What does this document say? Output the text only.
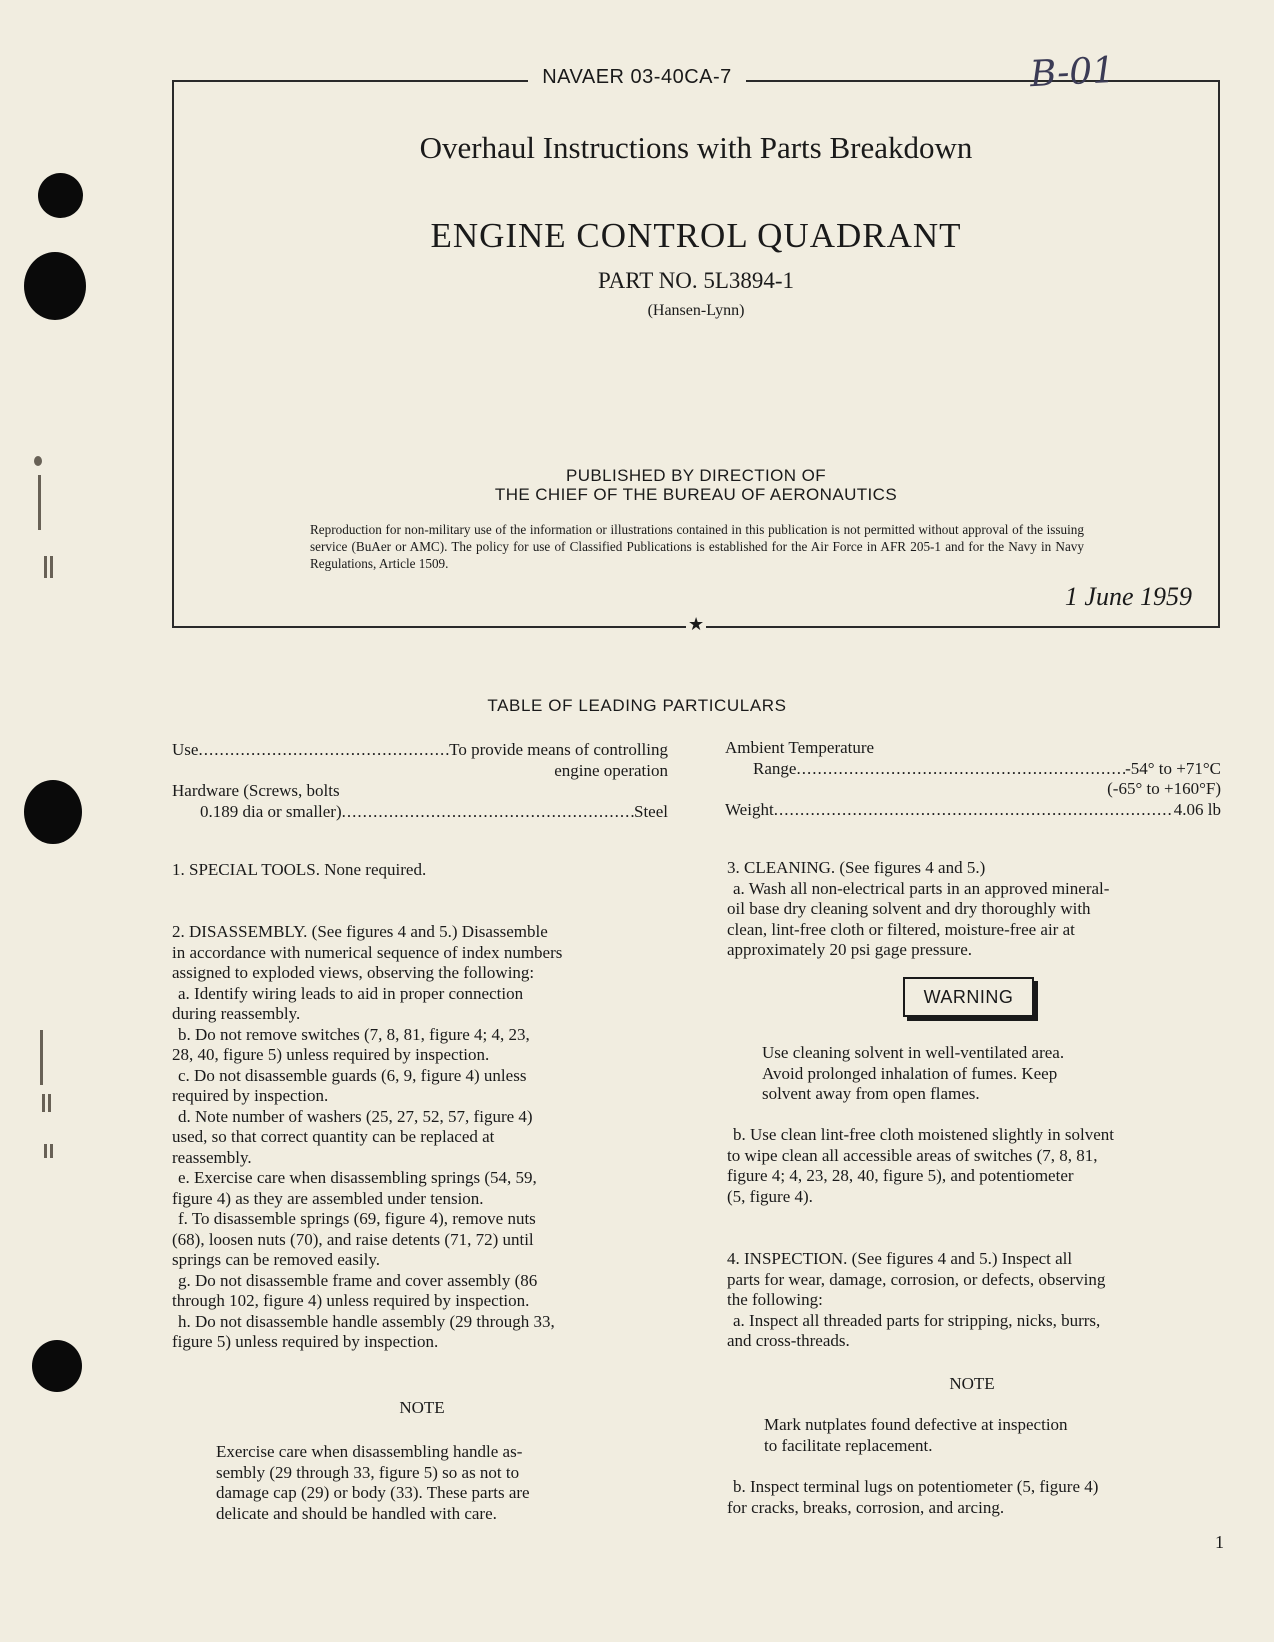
NAVAER 03-40CA-7	B-01
Overhaul Instructions with Parts Breakdown
ENGINE CONTROL QUADRANT
PART NO. 5L3894-1
(Hansen-Lynn)
PUBLISHED BY DIRECTION OF
THE CHIEF OF THE BUREAU OF AERONAUTICS
Reproduction for non-military use of the information or illustrations contained in this publication is not permitted without approval of the issuing service (BuAer or AMC). The policy for use of Classified Publications is established for the Air Force in AFR 205-1 and for the Navy in Navy Regulations, Article 1509.
1 June 1959
★
TABLE OF LEADING PARTICULARS
Use .....	To provide means of controlling

engine operation

Hardware (Screws, bolts

0.189 dia or smaller) .....	Steel

Ambient Temperature

Range .....	-54° to +71°C

(-65° to +160°F)

Weight .....	4.06 lb

1. SPECIAL TOOLS. None required.

2. DISASSEMBLY. (See figures 4 and 5.) Disassemble

in accordance with numerical sequence of index numbers

assigned to exploded views, observing the following:

a. Identify wiring leads to aid in proper connection

during reassembly.

b. Do not remove switches (7, 8, 81, figure 4; 4, 23,

28, 40, figure 5) unless required by inspection.

c. Do not disassemble guards (6, 9, figure 4) unless

required by inspection.

d. Note number of washers (25, 27, 52, 57, figure 4)

used, so that correct quantity can be replaced at

reassembly.

e. Exercise care when disassembling springs (54, 59,

figure 4) as they are assembled under tension.

f. To disassemble springs (69, figure 4), remove nuts

(68), loosen nuts (70), and raise detents (71, 72) until

springs can be removed easily.

g. Do not disassemble frame and cover assembly (86

through 102, figure 4) unless required by inspection.

h. Do not disassemble handle assembly (29 through 33,

figure 5) unless required by inspection.

NOTE

Exercise care when disassembling handle as-

sembly (29 through 33, figure 5) so as not to

damage cap (29) or body (33). These parts are

delicate and should be handled with care.

3. CLEANING. (See figures 4 and 5.)

a. Wash all non-electrical parts in an approved mineral-

oil base dry cleaning solvent and dry thoroughly with

clean, lint-free cloth or filtered, moisture-free air at

approximately 20 psi gage pressure.

WARNING

Use cleaning solvent in well-ventilated area.

Avoid prolonged inhalation of fumes. Keep

solvent away from open flames.

b. Use clean lint-free cloth moistened slightly in solvent

to wipe clean all accessible areas of switches (7, 8, 81,

figure 4; 4, 23, 28, 40, figure 5), and potentiometer

(5, figure 4).

4. INSPECTION. (See figures 4 and 5.) Inspect all

parts for wear, damage, corrosion, or defects, observing

the following:

a. Inspect all threaded parts for stripping, nicks, burrs,

and cross-threads.

NOTE

Mark nutplates found defective at inspection

to facilitate replacement.

b. Inspect terminal lugs on potentiometer (5, figure 4)

for cracks, breaks, corrosion, and arcing.

1
